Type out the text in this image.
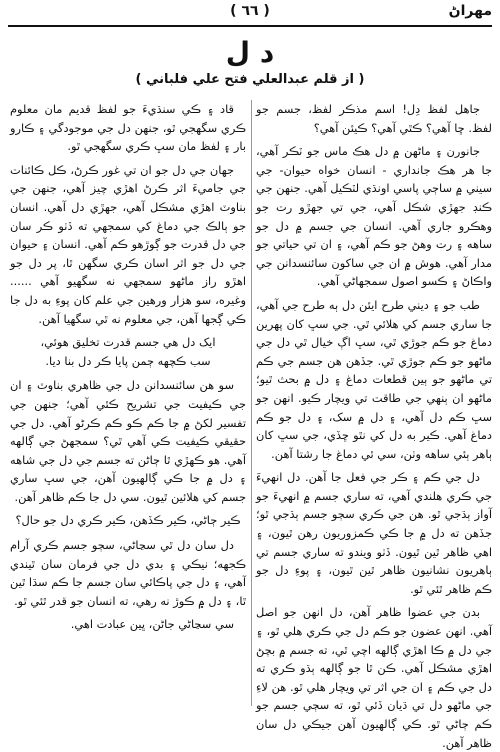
مهراڻ
( ٦٦ )
د ل
( از قلم عبدالعلي فتح علي فلباني )

جاهل لفظ دِل! اسم مذڪر لفظ، جسم جو لفظ. ڇا آهي؟ ڪٿي آهي؟ ڪيئن آهي؟

جانورن ۽ ماڻهن ۾ دل هڪ ماس جو ٽڪر آهي، جا هر هڪ جانداري - انسان خواه حيوان- جي سيني ۾ ساڄي پاسي اونڌي لٽڪيل آهي. جنهن جي ڪنڊ جهڙي شڪل آهي، جي تي جهڙو رت جو وهڪرو جاري آهي. انسان جي جسم ۾ دل جو ساهه ۽ رت وهڻ جو ڪم آهي، ۽ ان تي حياتي جو مدار آهي. هوش ۾ ان جي ساکون سائنسدانن جي واڪاڻ ۽ ڪسو اصول سمجهاڻي آهي.

طب جو ۽ ديني طرح ايئن دل ٻه طرح جي آهي، جا ساري جسم کي هلائي ٿي. جي سڀ کان پهرين دماغ جو ڪم جوڙي ٿي، سڀ اڳ خيال ٿي دل جي ماڻهو جو ڪم جوڙي ٿي. جڏهن هن جسم جي ڪم تي ماڻهو جو ٻين قطعات دماغ ۽ دل ۾ بحث ٿيو؛ ماڻهو ان ٻنهي جي طاقت تي ويچار ڪيو. انهن جو سڀ ڪم دل آهي، ۽ دل ۾ سک، ۽ دل جو ڪم دماغ آهي. ڪير به دل کي نٿو ڇڏي، جي سڀ کان ٻاهر ٻئي ساهه وٺن، سي ئي دماغ جا رشتا آهن.

دل جي ڪم ۽ ڪر جي فعل جا آهن. دل انهيءَ جي ڪري هلندي آهي، ته ساري جسم ۾ انهيءَ جو آواز ٻڌجي ٿو. هن جي ڪري سڄو جسم ٻڌجي ٿو؛ جڏهن ته دل ۾ جا ڪي ڪمزوريون رهن ٿيون، ۽ اهي ظاهر ٿين ٿيون. ڏٺو ويندو ته ساري جسم تي ٻاهريون نشانيون ظاهر ٿين ٿيون، ۽ پوءِ دل جو ڪم ظاهر ٿئي ٿو.

بدن جي عضوا ظاهر آهن، دل انهن جو اصل آهي. انهن عضون جو ڪم دل جي ڪري هلي ٿو، ۽ جي دل ۾ ڪا اهڙي ڳالهه اچي ٿي، ته جسم ۾ بچڻ اهڙي مشڪل آهي. ڪن ٿا جو ڳالهه ٻڌو ڪري ته دل جي ڪم ۽ ان جي اثر تي ويچار هلي ٿو. هن لاءِ جي ماڻهو دل تي ڌيان ڏئي ٿو، ته سڄي جسم جو ڪم ڄاڻي ٿو. ڪي ڳالهيون آهن جيڪي دل سان ظاهر آهن.

قاد ۽ ڪي سنڌيءَ جو لفظ قديم مان معلوم ڪري سگهجي ٿو، جنهن دل جي موجودگي ۽ ڪارو بار ۽ لفظ مان سڀ ڪري سگهجي ٿو.

جهان جي دل جو ان تي غور ڪرڻ، ڪل ڪائنات جي جاميءَ اثر ڪرڻ اهڙي چيز آهي، جنهن جي بناوٽ اهڙي مشڪل آهي، جهڙي دل آهي. انسان جو ٻالڪ جي دماغ کي سمجهي ته ڏٺو ڪر سان جي دل قدرت جو ڳوڙهو ڪم آهي. انسان ۽ حيوان جي دل جو اثر اسان ڪري سگهن ٿا، پر دل جو اهڙو راز ماڻهو سمجهي نه سگهيو آهي ...... وغيره، سو هزار ورهين جي علم کان پوءِ به دل جا ڪي ڳجها آهن، جي معلوم نه ٿي سگهيا آهن.

ايک دل هي جسم قدرت تخليق هوئي،
سب ڪچهه ڄمن پايا ڪر دل بنا ديا.

سو هن سائنسدانن دل جي ظاهري بناوٽ ۽ ان جي ڪيفيت جي تشريح ڪئي آهي؛ جنهن جي تفسير لکڻ ۾ جا ڪم ڪو ڪم ڪرڻو آهي. دل جي حقيقي ڪيفيت ڪي آهي ٿي؟ سمجهڻ جي ڳالهه آهي. هو ڪهڙي ٿا ڄاڻن ته جسم جي دل جي شاهه ۽ دل ۾ جا ڪي ڳالهيون آهن، جي سڀ ساري جسم کي هلائين ٿيون. سي دل جا ڪم ظاهر آهن.

ڪير ڄاڻي، ڪير ڪڏهن، ڪير ڪري دل جو حال؟

دل سان دل ٿي سڃاڻي، سڄو جسم ڪري آرام ڪجهه؛ نيڪي ۽ بدي دل جي فرمان سان ٿيندي آهي، ۽ دل جي پاڪائي سان جسم جا ڪم سڌا ٿين ٿا، ۽ دل ۾ ڪوڙ نه رهي، ته انسان جو قدر ٿئي ٿو.

سي سڃاڻي جاڻن، ڀين عبادت اهي.
